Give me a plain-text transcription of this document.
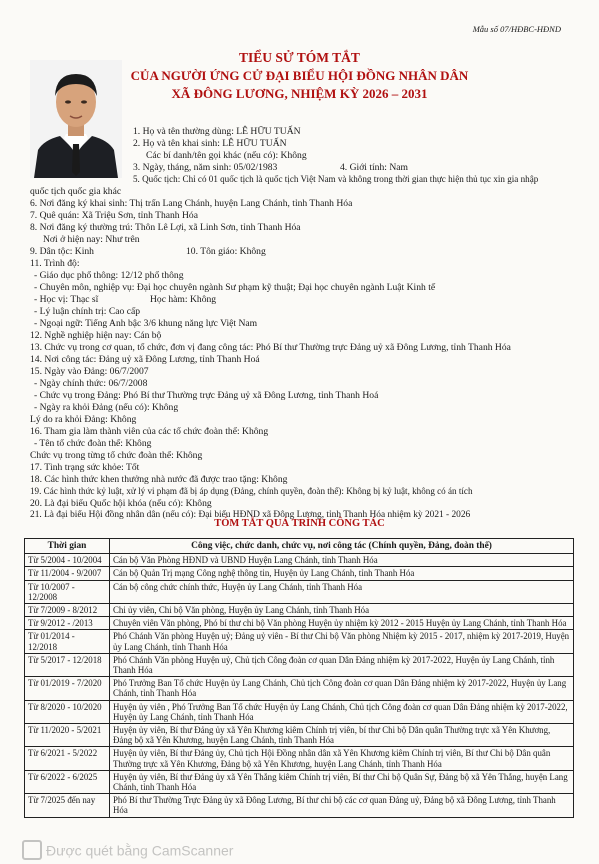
Mẫu số 07/HĐBC-HĐND
TIỂU SỬ TÓM TẮT
CỦA NGƯỜI ỨNG CỬ ĐẠI BIỂU HỘI ĐỒNG NHÂN DÂN
XÃ ĐÔNG LƯƠNG, NHIỆM KỲ 2026 – 2031
1. Họ và tên thường dùng: LÊ HỮU TUẤN
2. Họ và tên khai sinh: LÊ HỮU TUẤN
Các bí danh/tên gọi khác (nếu có): Không
3. Ngày, tháng, năm sinh: 05/02/1983	4. Giới tính: Nam
5. Quốc tịch: Chỉ có 01 quốc tịch là quốc tịch Việt Nam và không trong thời gian thực hiện thủ tục xin gia nhập
quốc tịch quốc gia khác
6. Nơi đăng ký khai sinh: Thị trấn Lang Chánh, huyện Lang Chánh, tỉnh Thanh Hóa
7. Quê quán: Xã Triệu Sơn, tỉnh Thanh Hóa
8. Nơi đăng ký thường trú: Thôn Lê Lợi, xã Linh Sơn, tỉnh Thanh Hóa
Nơi ở hiện nay: Như trên
9. Dân tộc: Kinh	10. Tôn giáo: Không
11. Trình độ:
- Giáo dục phổ thông: 12/12 phổ thông
- Chuyên môn, nghiệp vụ: Đại học chuyên ngành Sư phạm kỹ thuật; Đại học chuyên ngành Luật Kinh tế
- Học vị: Thạc sĩ	Học hàm: Không
- Lý luận chính trị: Cao cấp
- Ngoại ngữ: Tiếng Anh bậc 3/6 khung năng lực Việt Nam
12. Nghề nghiệp hiện nay: Cán bộ
13. Chức vụ trong cơ quan, tổ chức, đơn vị đang công tác: Phó Bí thư Thường trực Đảng uỷ xã Đông Lương, tỉnh Thanh Hóa
14. Nơi công tác: Đảng uỷ xã Đông Lương, tỉnh Thanh Hoá
15. Ngày vào Đảng: 06/7/2007
- Ngày chính thức: 06/7/2008
- Chức vụ trong Đảng: Phó Bí thư Thường trực Đảng uỷ xã Đông Lương, tỉnh Thanh Hoá
- Ngày ra khỏi Đảng (nếu có): Không
Lý do ra khỏi Đảng: Không
16. Tham gia làm thành viên của các tổ chức đoàn thể: Không
- Tên tổ chức đoàn thể: Không
Chức vụ trong từng tổ chức đoàn thể: Không
17. Tình trạng sức khỏe: Tốt
18. Các hình thức khen thưởng nhà nước đã được trao tặng: Không
19. Các hình thức kỷ luật, xử lý vi phạm đã bị áp dụng (Đảng, chính quyền, đoàn thể): Không bị kỷ luật, không có án tích
20. Là đại biểu Quốc hội khóa (nếu có): Không
21. Là đại biểu Hội đồng nhân dân (nếu có): Đại biểu HĐND xã Đông Lương, tỉnh Thanh Hóa nhiệm kỳ 2021 - 2026
TÓM TẮT QUÁ TRÌNH CÔNG TÁC
Thời gian	Công việc, chức danh, chức vụ, nơi công tác (Chính quyền, Đảng, đoàn thể)
Từ 5/2004 - 10/2004	Cán bộ Văn Phòng HĐND và UBND Huyện Lang Chánh, tỉnh Thanh Hóa
Từ 11/2004 - 9/2007	Cán bộ Quản Trị mạng Công nghệ thông tin, Huyện ủy Lang Chánh, tỉnh Thanh Hóa
Từ 10/2007 - 12/2008	Cán bộ công chức chính thức, Huyện ủy Lang Chánh, tỉnh Thanh Hóa
Từ 7/2009 - 8/2012	Chi ủy viên, Chi bộ Văn phòng, Huyện ủy Lang Chánh, tỉnh Thanh Hóa
Từ 9/2012 - /2013	Chuyên viên Văn phòng, Phó bí thư chi bộ Văn phòng Huyện ủy nhiệm kỳ 2012 - 2015 Huyện ủy Lang Chánh, tỉnh Thanh Hóa
Từ 01/2014 - 12/2018	Phó Chánh Văn phòng Huyện uỷ; Đảng uỷ viên - Bí thư Chi bộ Văn phòng Nhiệm kỳ 2015 - 2017, nhiệm kỳ 2017-2019, Huyện ủy Lang Chánh, tỉnh Thanh Hóa
Từ 5/2017 - 12/2018	Phó Chánh Văn phòng Huyện uỷ, Chủ tịch Công đoàn cơ quan Dân Đảng nhiệm kỳ 2017-2022, Huyện ủy Lang Chánh, tỉnh Thanh Hóa
Từ 01/2019 - 7/2020	Phó Trưởng Ban Tổ chức Huyện ủy Lang Chánh, Chủ tịch Công đoàn cơ quan Dân Đảng nhiệm kỳ 2017-2022, Huyện ủy Lang Chánh, tỉnh Thanh Hóa
Từ 8/2020 - 10/2020	Huyện ủy viên , Phó Trưởng Ban Tổ chức Huyện ủy Lang Chánh, Chủ tịch Công đoàn cơ quan Dân Đảng nhiệm kỳ 2017-2022, Huyện ủy Lang Chánh, tỉnh Thanh Hóa
Từ 11/2020 - 5/2021	Huyện ủy viên, Bí thư Đảng ủy xã Yên Khương kiêm Chính trị viên, bí thư Chi bộ Dân quân Thường trực xã Yên Khương, Đảng bộ xã Yên Khương, huyện Lang Chánh, tỉnh Thanh Hóa
Từ 6/2021 - 5/2022	Huyện ủy viên, Bí thư Đảng ủy, Chủ tịch Hội Đồng nhân dân xã Yên Khương kiêm Chính trị viên, Bí thư Chi bộ Dân quân Thường trực xã Yên Khương, Đảng bộ xã Yên Khương, huyện Lang Chánh, tỉnh Thanh Hóa
Từ 6/2022 - 6/2025	Huyện ủy viên, Bí thư Đảng ủy xã Yên Thắng kiêm Chính trị viên, Bí thư Chi bộ Quân Sự, Đảng bộ xã Yên Thắng, huyện Lang Chánh, tỉnh Thanh Hóa
Từ 7/2025 đến nay	Phó Bí thư Thường Trực Đảng ủy xã Đông Lương, Bí thư chi bộ các cơ quan Đảng uỷ, Đảng bộ xã Đông Lương, tỉnh Thanh Hóa
Được quét bằng CamScanner
